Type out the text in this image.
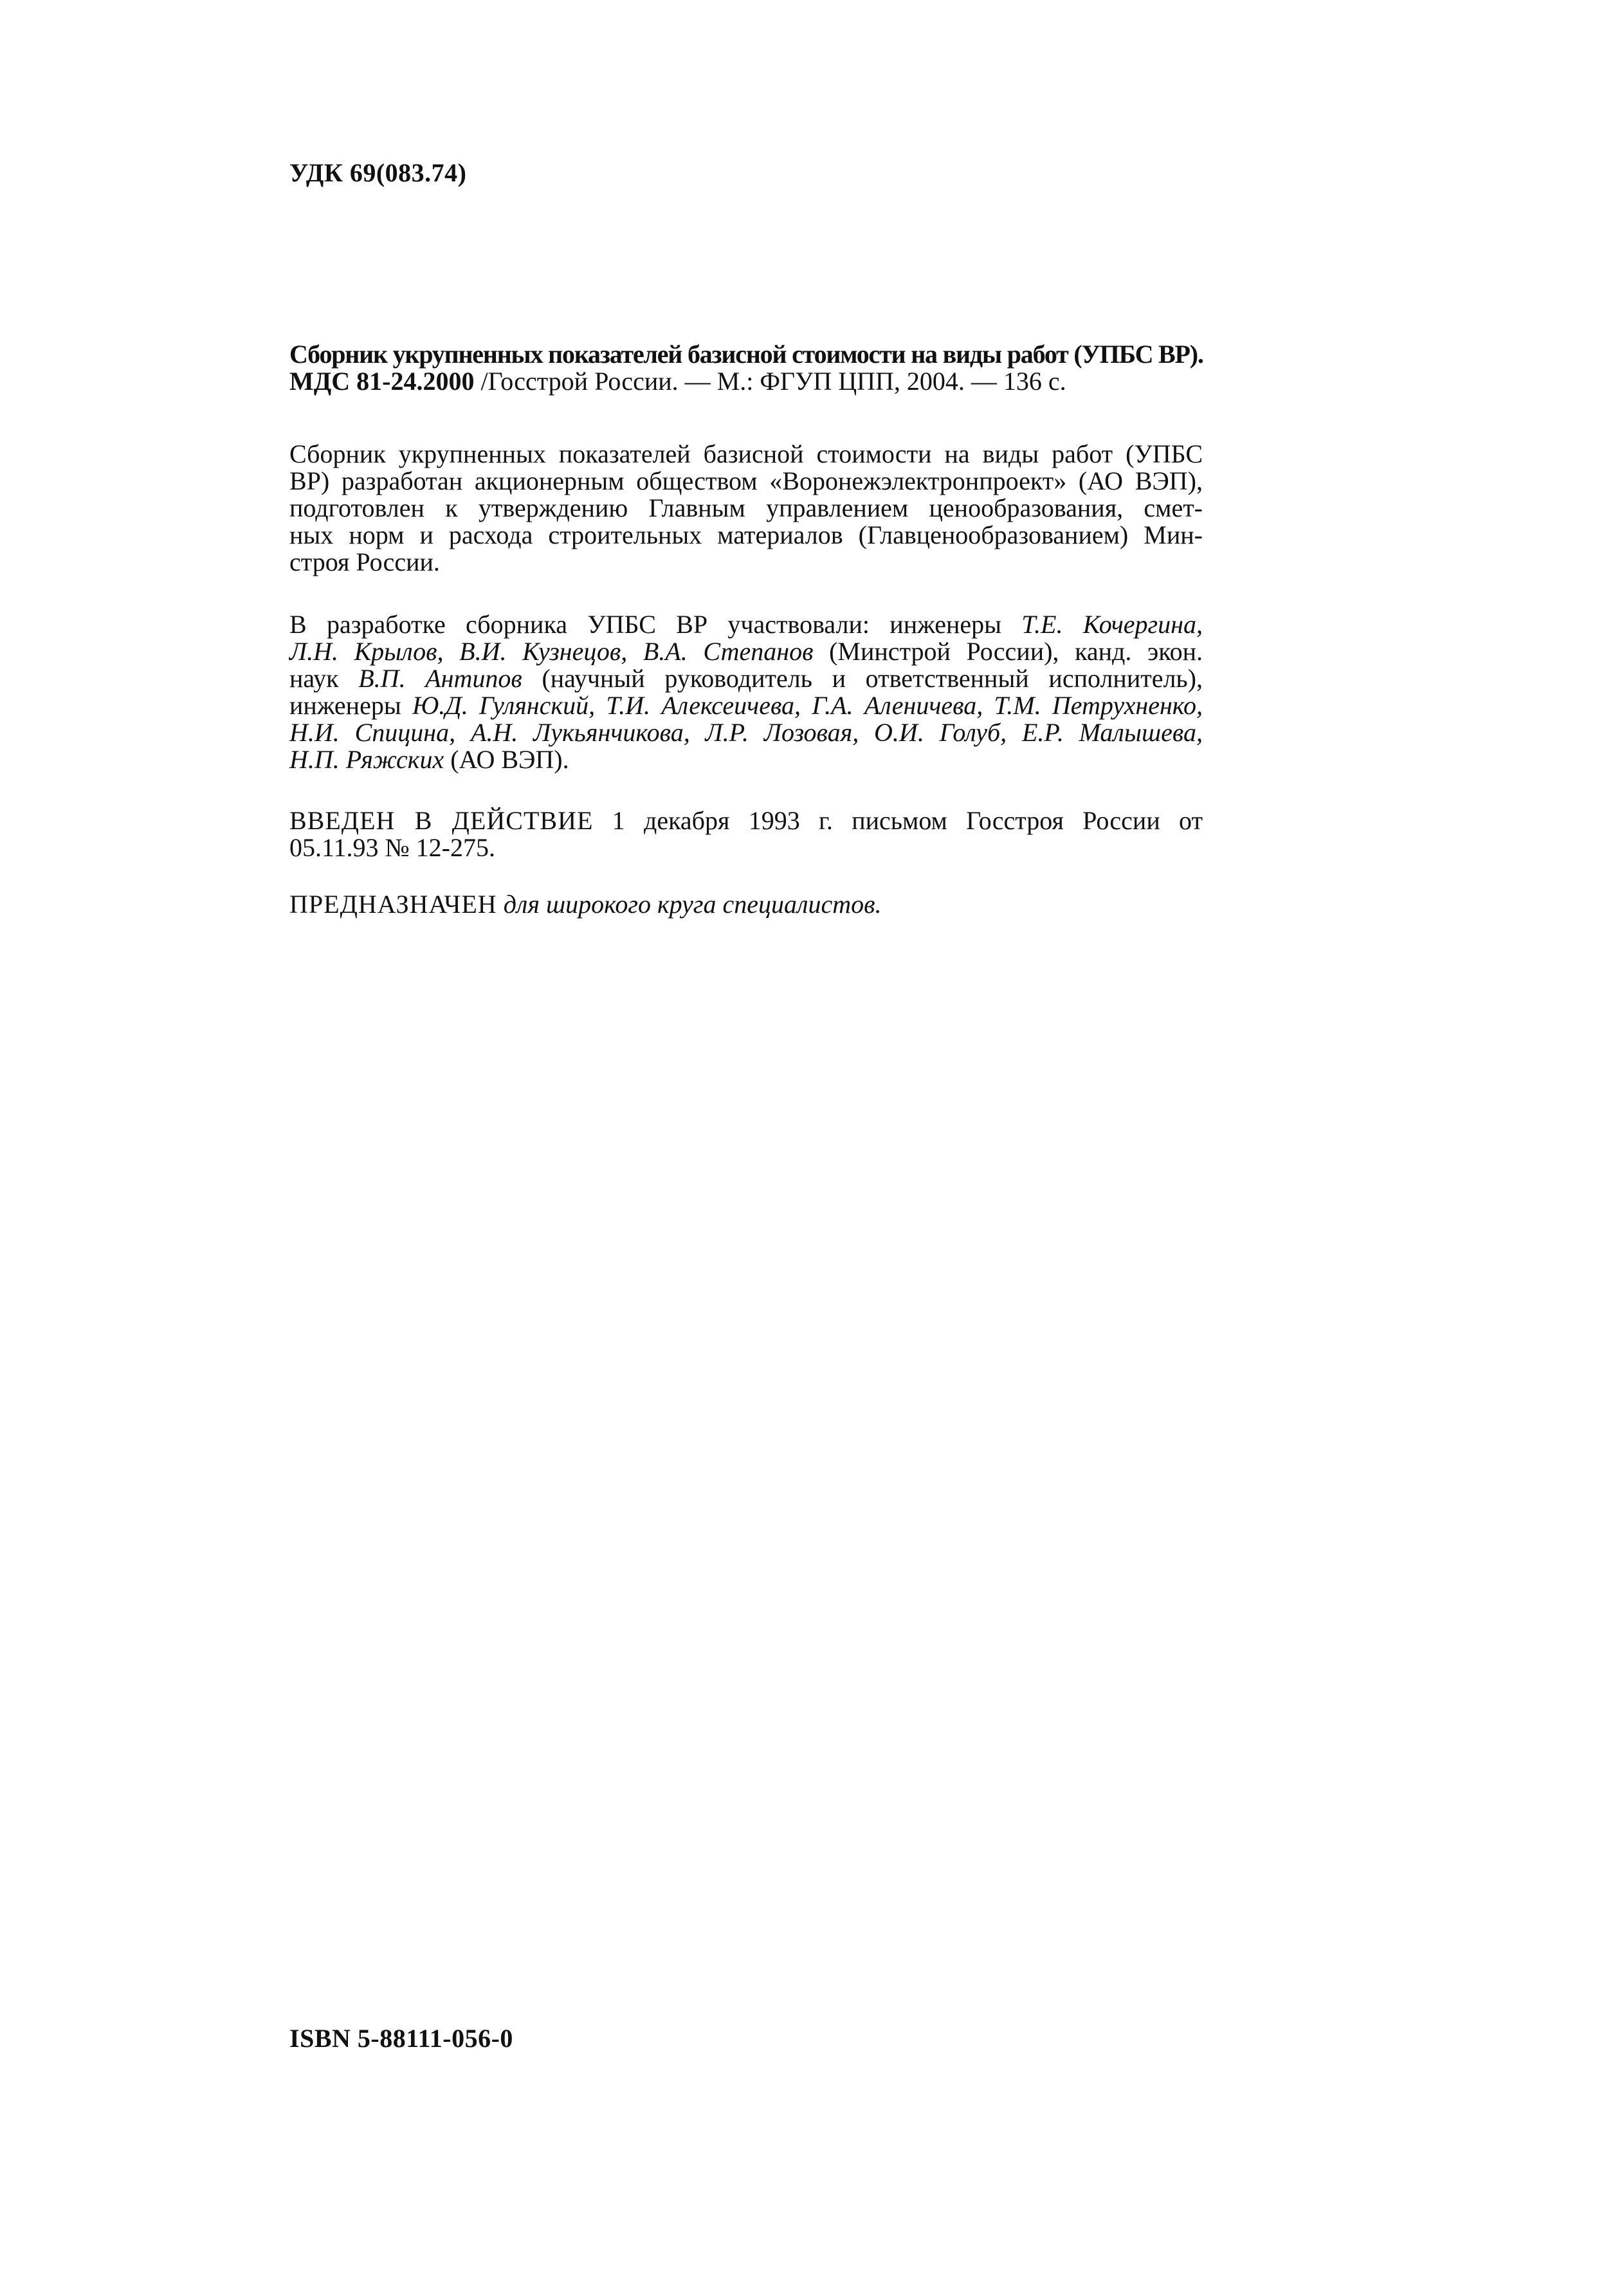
УДК 69(083.74)
Сборник укрупненных показателей базисной стоимости на виды работ (УПБС ВР).
МДС 81-24.2000 /Госстрой России. — М.: ФГУП ЦПП, 2004. — 136 с.
Сборник укрупненных показателей базисной стоимости на виды работ (УПБС
ВР) разработан акционерным обществом «Воронежэлектронпроект» (АО ВЭП),
подготовлен к утверждению Главным управлением ценообразования, смет-
ных норм и расхода строительных материалов (Главценообразованием) Мин-
строя России.
В разработке сборника УПБС ВР участвовали: инженеры Т.Е. Кочергина,
Л.Н. Крылов, В.И. Кузнецов, В.А. Степанов (Минстрой России), канд. экон.
наук В.П. Антипов (научный руководитель и ответственный исполнитель),
инженеры Ю.Д. Гулянский, Т.И. Алексеичева, Г.А. Аленичева, Т.М. Петрухненко,
Н.И. Спицина, А.Н. Лукьянчикова, Л.Р. Лозовая, О.И. Голуб, Е.Р. Малышева,
Н.П. Ряжских (АО ВЭП).
ВВЕДЕН В ДЕЙСТВИЕ 1 декабря 1993 г. письмом Госстроя России от
05.11.93 № 12-275.
ПРЕДНАЗНАЧЕН для широкого круга специалистов.
ISBN 5-88111-056-0
